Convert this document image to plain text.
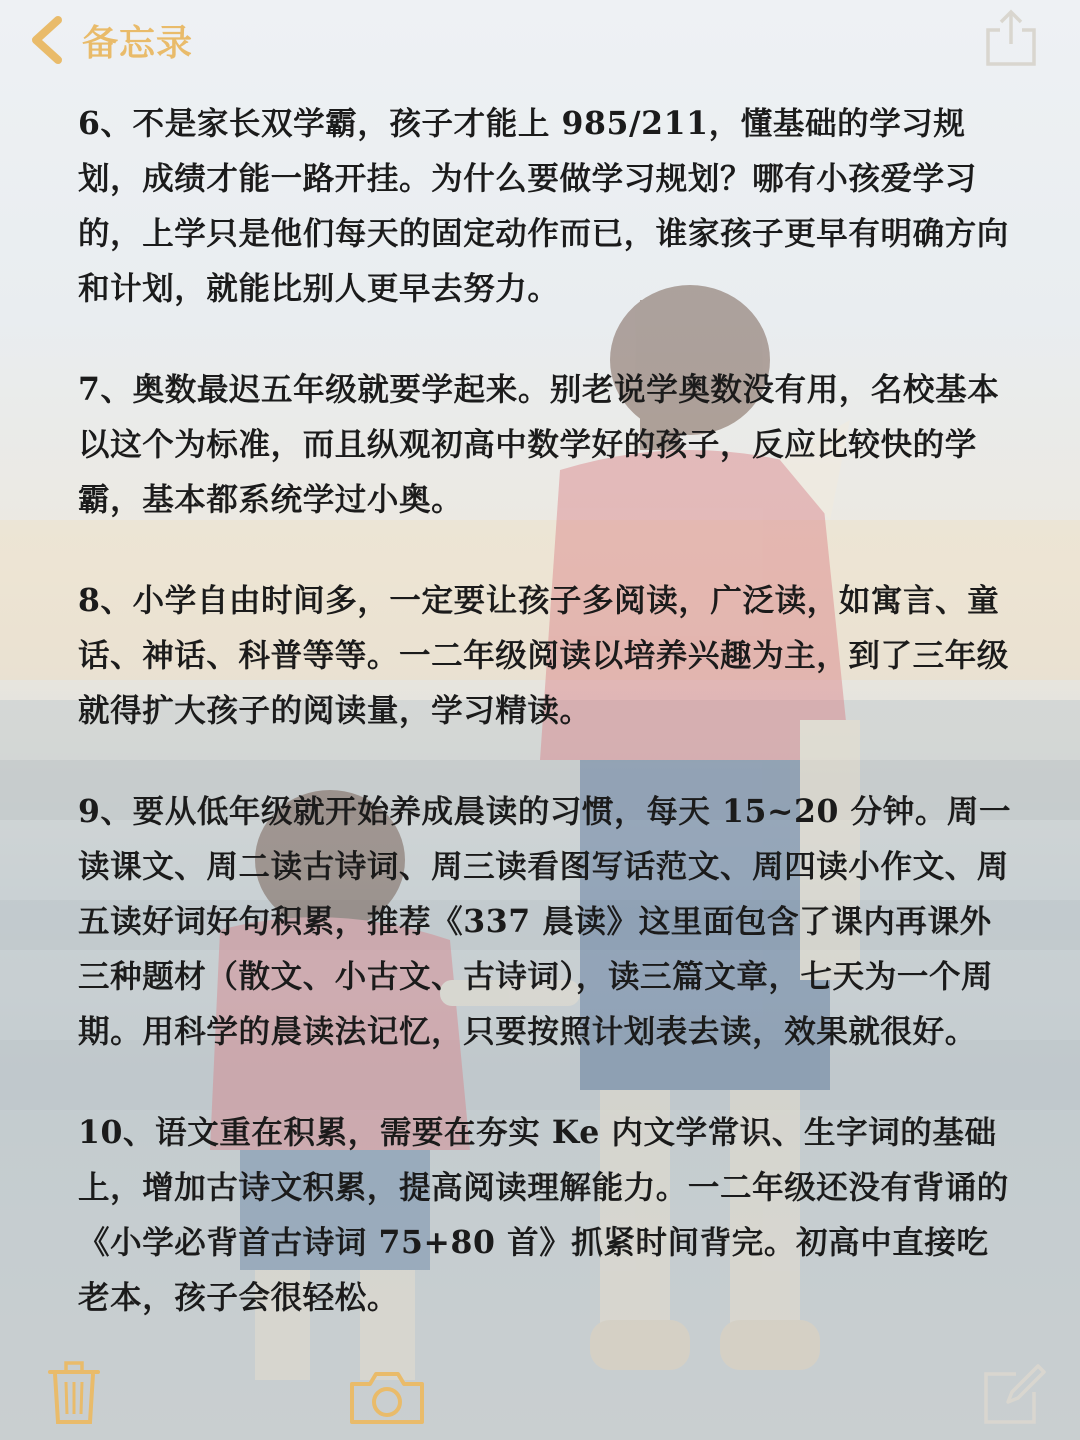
备忘录

6、不是家长双学霸，孩子才能上 985/211，懂基础的学习规划，成绩才能一路开挂。为什么要做学习规划？哪有小孩爱学习的，上学只是他们每天的固定动作而已，谁家孩子更早有明确方向和计划，就能比别人更早去努力。

7、奥数最迟五年级就要学起来。别老说学奥数没有用，名校基本以这个为标准，而且纵观初高中数学好的孩子，反应比较快的学霸，基本都系统学过小奥。

8、小学自由时间多，一定要让孩子多阅读，广泛读，如寓言、童话、神话、科普等等。一二年级阅读以培养兴趣为主，到了三年级就得扩大孩子的阅读量，学习精读。

9、要从低年级就开始养成晨读的习惯，每天 15~20 分钟。周一读课文、周二读古诗词、周三读看图写话范文、周四读小作文、周五读好词好句积累，推荐《337 晨读》这里面包含了课内再课外三种题材（散文、小古文、古诗词），读三篇文章，七天为一个周期。用科学的晨读法记忆，只要按照计划表去读，效果就很好。

10、语文重在积累，需要在夯实 Ke 内文学常识、生字词的基础上，增加古诗文积累，提高阅读理解能力。一二年级还没有背诵的《小学必背首古诗词 75+80 首》抓紧时间背完。初高中直接吃老本，孩子会很轻松。
